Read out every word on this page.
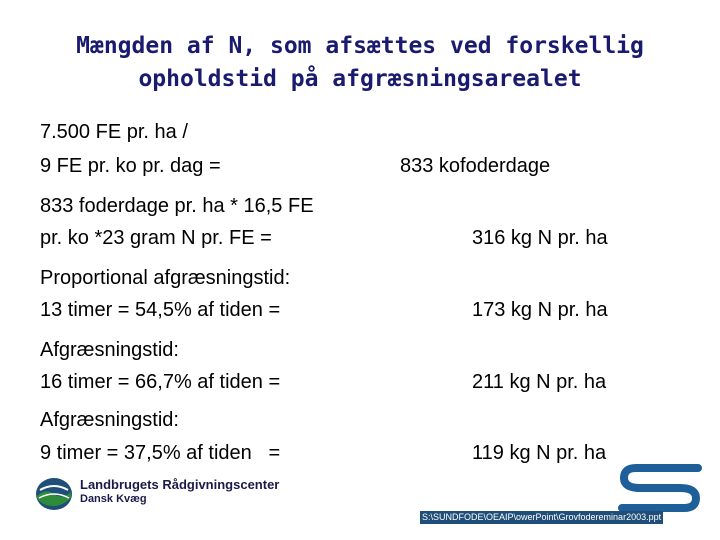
Mængden af N, som afsættes ved forskellig
opholdstid på afgræsningsarealet
7.500 FE pr. ha /
9 FE pr. ko pr. dag =	833 kofoderdage
833 foderdage pr. ha * 16,5 FE
pr. ko *23 gram N pr. FE =	316 kg N pr. ha
Proportional afgræsningstid:
13 timer = 54,5% af tiden =	173 kg N pr. ha
Afgræsningstid:
16 timer = 66,7% af tiden =	211 kg N pr. ha
Afgræsningstid:
9 timer = 37,5% af tiden   =	119 kg N pr. ha
Landbrugets Rådgivningscenter
Dansk Kvæg
S:\SUNDFODE\OEAIP\owerPoint\Grovfodereminar2003.ppt
